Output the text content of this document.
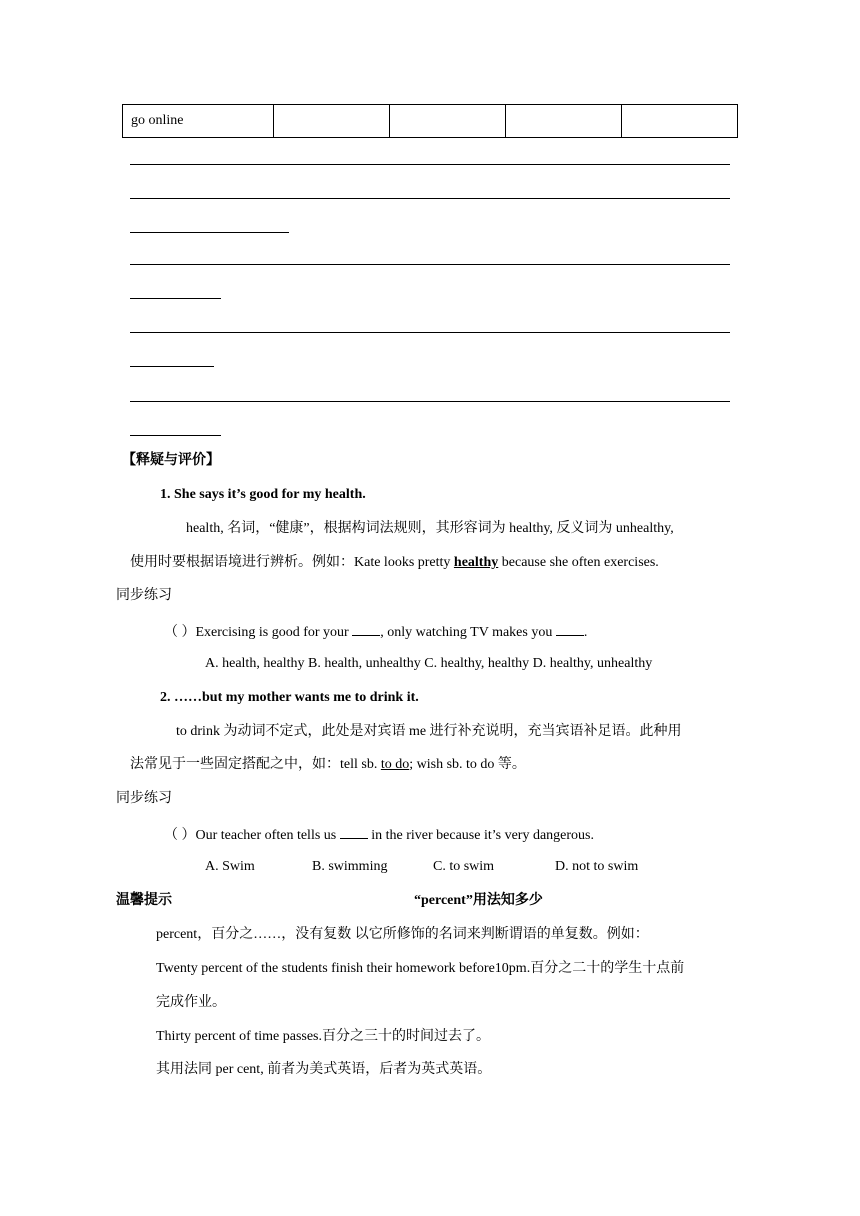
go online				
【释疑与评价】
1. She says it’s good for my health.
health, 名词，“健康”，根据构词法规则，其形容词为 healthy, 反义词为 unhealthy,
使用时要根据语境进行辨析。例如：Kate looks pretty healthy because she often exercises.
同步练习
（ ）Exercising is good for your , only watching TV makes you .
A. health, healthy B. health, unhealthy C. healthy, healthy D. healthy, unhealthy
2. ……but my mother wants me to drink it.
to drink 为动词不定式，此处是对宾语 me 进行补充说明，充当宾语补足语。此种用
法常见于一些固定搭配之中，如：tell sb. to do; wish sb. to do 等。
同步练习
（ ）Our teacher often tells us  in the river because it’s very dangerous.
A. Swim	B. swimming	C. to swim	D. not to swim
温馨提示	“percent”用法知多少
percent，百分之……，没有复数 以它所修饰的名词来判断谓语的单复数。例如：
Twenty percent of the students finish their homework before10pm.百分之二十的学生十点前
完成作业。
Thirty percent of time passes.百分之三十的时间过去了。
其用法同 per cent, 前者为美式英语，后者为英式英语。
